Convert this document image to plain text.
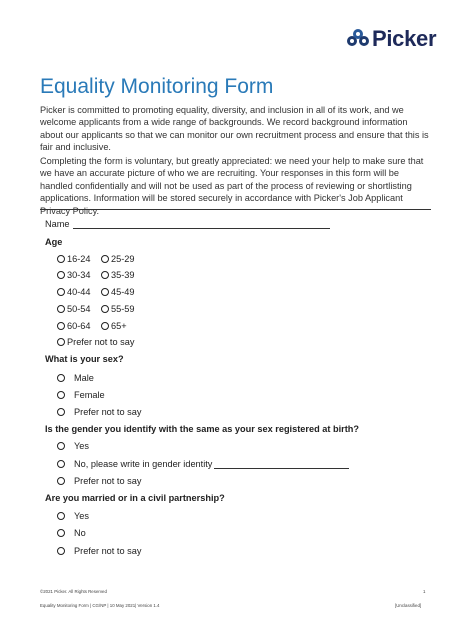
Picker
Equality Monitoring Form

Picker is committed to promoting equality, diversity, and inclusion in all of its work, and we welcome applicants from a wide range of backgrounds. We record background information about our applicants so that we can monitor our own recruitment process and ensure that this is fair and inclusive.

Completing the form is voluntary, but greatly appreciated: we need your help to make sure that we have an accurate picture of who we are recruiting. Your responses in this form will be handled confidentially and will not be used as part of the process of reviewing or shortlisting applications. Information will be stored securely in accordance with Picker's Job Applicant Privacy Policy.

Name
Age
16-24 25-29
30-34 35-39
40-44 45-49
50-54 55-59
60-64 65+
Prefer not to say
What is your sex?
Male
Female
Prefer not to say
Is the gender you identify with the same as your sex registered at birth?
Yes
No, please write in gender identity
Prefer not to say
Are you married or in a civil partnership?
Yes
No
Prefer not to say
©2021 Picker. All Rights Reserved	1
Equality Monitoring Form | CG/NP | 10 May 2021| Version 1.4	[Unclassified]
